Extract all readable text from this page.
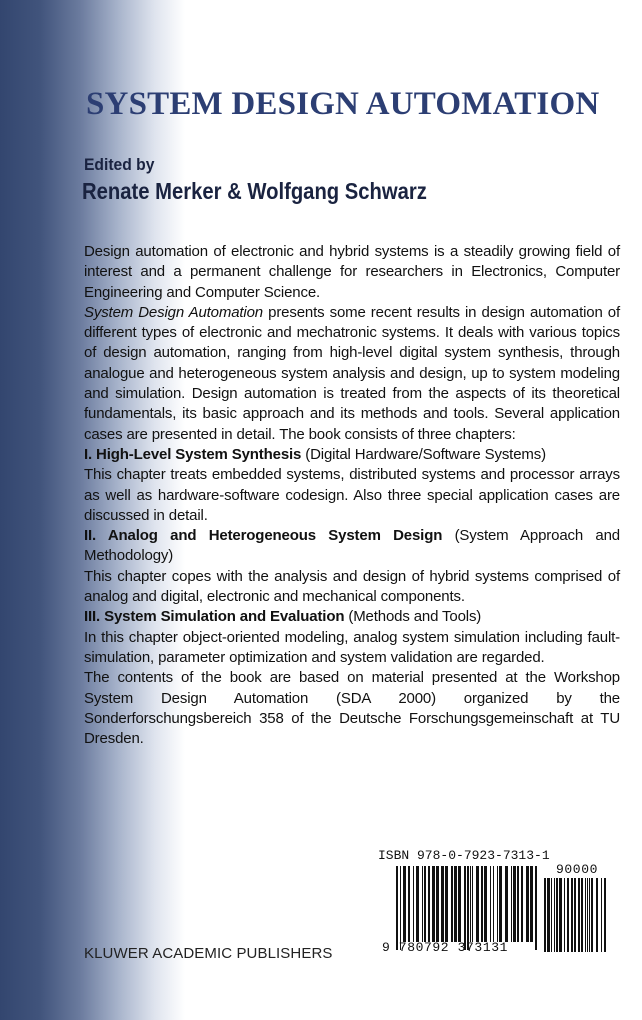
SYSTEM DESIGN AUTOMATION
Edited by
Renate Merker & Wolfgang Schwarz

Design automation of electronic and hybrid systems is a steadily growing field of interest and a permanent challenge for researchers in Electronics, Computer Engineering and Computer Science.

System Design Automation presents some recent results in design automation of different types of electronic and mechatronic systems. It deals with various topics of design automation, ranging from high-level digital system synthesis, through analogue and heterogeneous system analysis and design, up to system modeling and simulation. Design automation is treated from the aspects of its theoretical fundamentals, its basic approach and its methods and tools. Several application cases are presented in detail. The book consists of three chapters:

I. High-Level System Synthesis (Digital Hardware/Software Systems)

This chapter treats embedded systems, distributed systems and processor arrays as well as hardware-software codesign. Also three special application cases are discussed in detail.

II. Analog and Heterogeneous System Design (System Approach and Methodology)

This chapter copes with the analysis and design of hybrid systems comprised of analog and digital, electronic and mechanical components.

III. System Simulation and Evaluation (Methods and Tools)

In this chapter object-oriented modeling, analog system simulation including fault-simulation, parameter optimization and system validation are regarded.

The contents of the book are based on material presented at the Workshop System Design Automation (SDA 2000) organized by the Sonderforschungsbereich 358 of the Deutsche Forschungsgemeinschaft at TU Dresden.

ISBN 978-0-7923-7313-1
9 780792 373131
90000
KLUWER ACADEMIC PUBLISHERS
